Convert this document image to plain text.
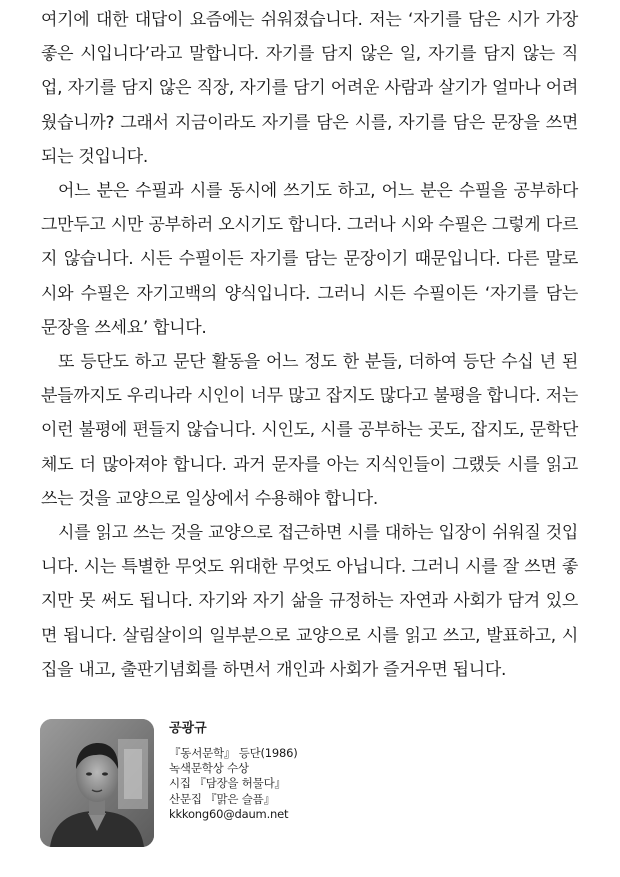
여기에 대한 대답이 요즘에는 쉬워졌습니다. 저는 ‘자기를 담은 시가 가장 좋은 시입니다’라고 말합니다. 자기를 담지 않은 일, 자기를 담지 않는 직업, 자기를 담지 않은 직장, 자기를 담기 어려운 사람과 살기가 얼마나 어려웠습니까? 그래서 지금이라도 자기를 담은 시를, 자기를 담은 문장을 쓰면 되는 것입니다.

어느 분은 수필과 시를 동시에 쓰기도 하고, 어느 분은 수필을 공부하다 그만두고 시만 공부하러 오시기도 합니다. 그러나 시와 수필은 그렇게 다르지 않습니다. 시든 수필이든 자기를 담는 문장이기 때문입니다. 다른 말로 시와 수필은 자기고백의 양식입니다. 그러니 시든 수필이든 ‘자기를 담는 문장을 쓰세요’ 합니다.

또 등단도 하고 문단 활동을 어느 정도 한 분들, 더하여 등단 수십 년 된 분들까지도 우리나라 시인이 너무 많고 잡지도 많다고 불평을 합니다. 저는 이런 불평에 편들지 않습니다. 시인도, 시를 공부하는 곳도, 잡지도, 문학단체도 더 많아져야 합니다. 과거 문자를 아는 지식인들이 그랬듯 시를 읽고 쓰는 것을 교양으로 일상에서 수용해야 합니다.

시를 읽고 쓰는 것을 교양으로 접근하면 시를 대하는 입장이 쉬워질 것입니다. 시는 특별한 무엇도 위대한 무엇도 아닙니다. 그러니 시를 잘 쓰면 좋지만 못 써도 됩니다. 자기와 자기 삶을 규정하는 자연과 사회가 담겨 있으면 됩니다. 살림살이의 일부분으로 교양으로 시를 읽고 쓰고, 발표하고, 시집을 내고, 출판기념회를 하면서 개인과 사회가 즐거우면 됩니다.

공광규

『동서문학』 등단(1986)

녹색문학상 수상

시집 『담장을 허물다』

산문집 『맑은 슬픔』

kkkong60@daum.net
